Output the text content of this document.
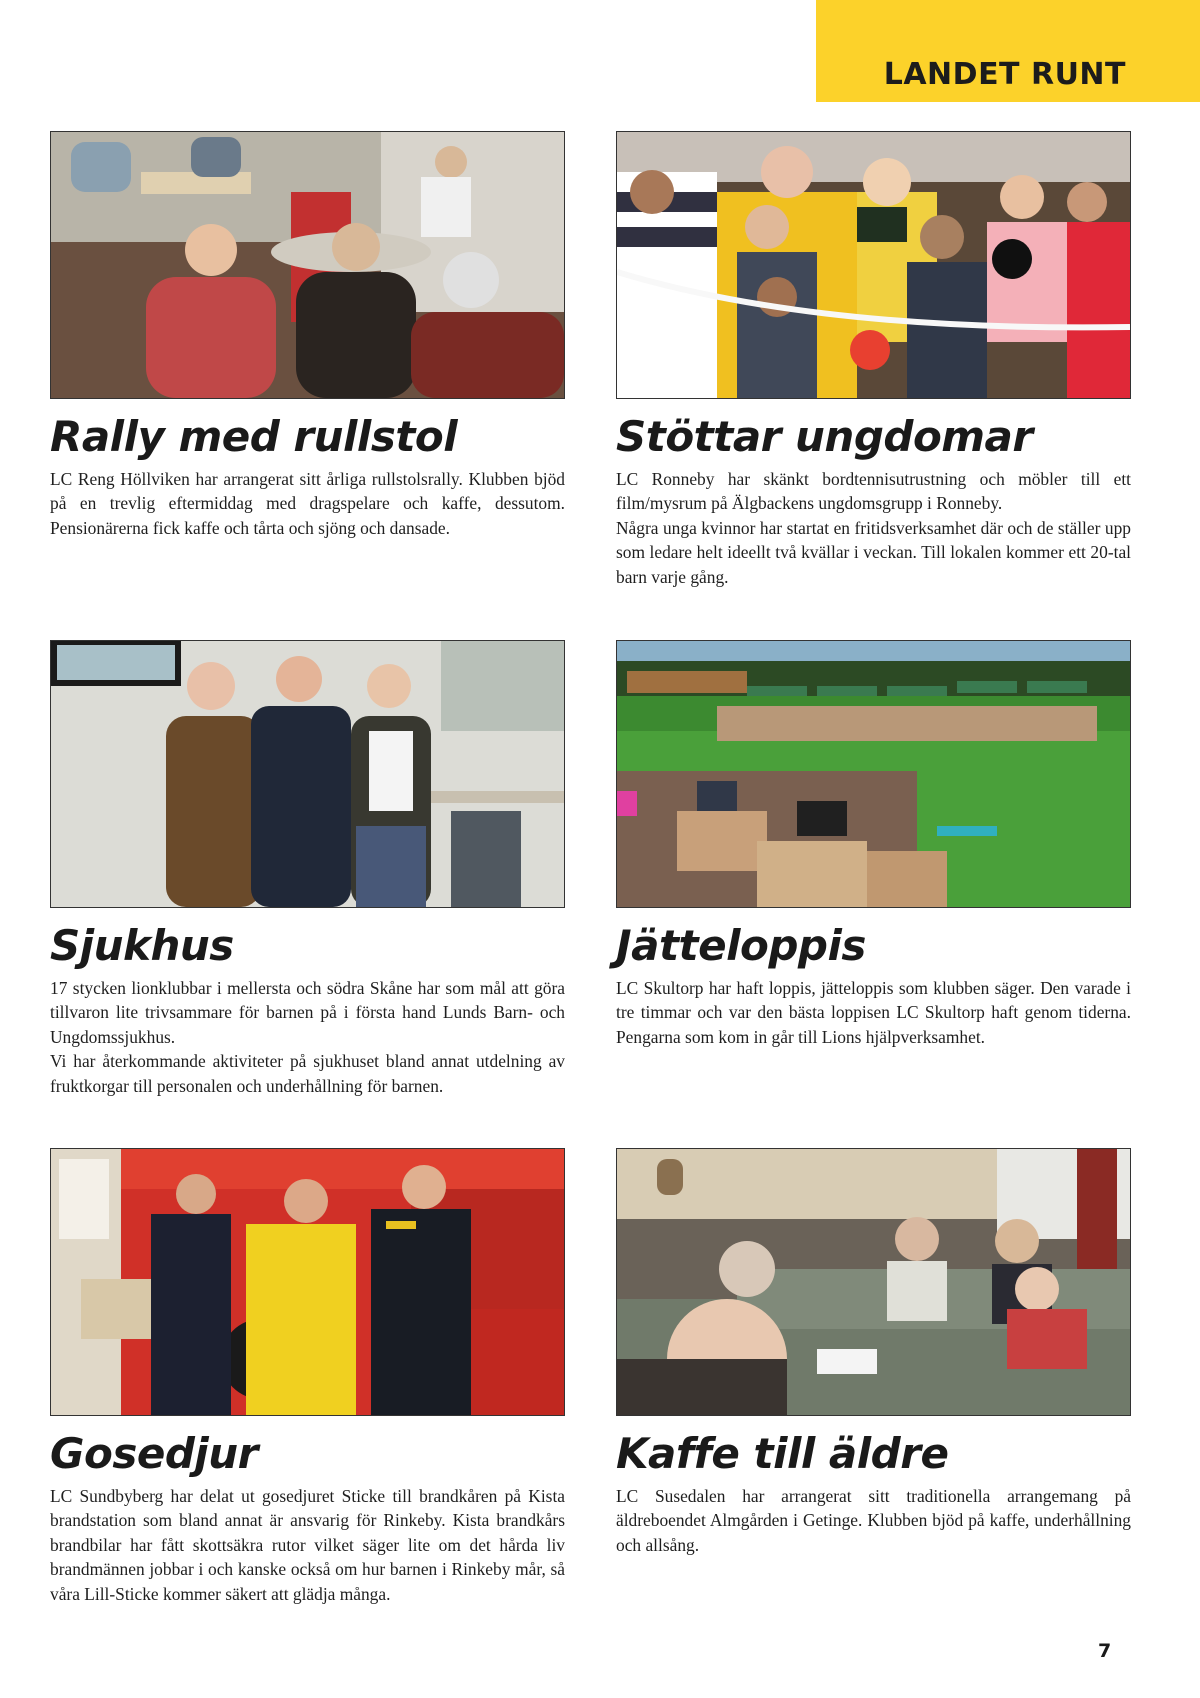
LANDET RUNT
Rally med rullstol

LC Reng Höllviken har arrangerat sitt årliga rullstolsrally. Klubben bjöd på en trevlig eftermiddag med dragspelare och kaffe, dessutom. Pensionärerna fick kaffe och tårta och sjöng och dansade.

Stöttar ungdomar

LC Ronneby har skänkt bordtennisutrustning och möbler till ett film/mysrum på Älgbackens ungdomsgrupp i Ronneby.

Några unga kvinnor har startat en fritidsverksamhet där och de ställer upp som ledare helt ideellt två kvällar i veckan. Till lokalen kommer ett 20-tal barn varje gång.

Sjukhus

17 stycken lionklubbar i mellersta och södra Skåne har som mål att göra tillvaron lite trivsammare för barnen på i första hand Lunds Barn- och Ungdomssjukhus.

Vi har återkommande aktiviteter på sjukhuset bland annat utdelning av fruktkorgar till personalen och underhållning för barnen.

Jätteloppis

LC Skultorp har haft loppis, jätteloppis som klubben säger. Den varade i tre timmar och var den bästa loppisen LC Skultorp haft genom tiderna. Pengarna som kom in går till Lions hjälpverksamhet.

Gosedjur

LC Sundbyberg har delat ut gosedjuret Sticke till brandkåren på Kista brandstation som bland annat är ansvarig för Rinkeby. Kista brandkårs brandbilar har fått skottsäkra rutor vilket säger lite om det hårda liv brandmännen jobbar i och kanske också om hur barnen i Rinkeby mår, så våra Lill-Sticke kommer säkert att glädja många.

Kaffe till äldre

LC Susedalen har arrangerat sitt traditionella arrangemang på äldreboendet Almgården i Getinge. Klubben bjöd på kaffe, underhållning och allsång.

7
